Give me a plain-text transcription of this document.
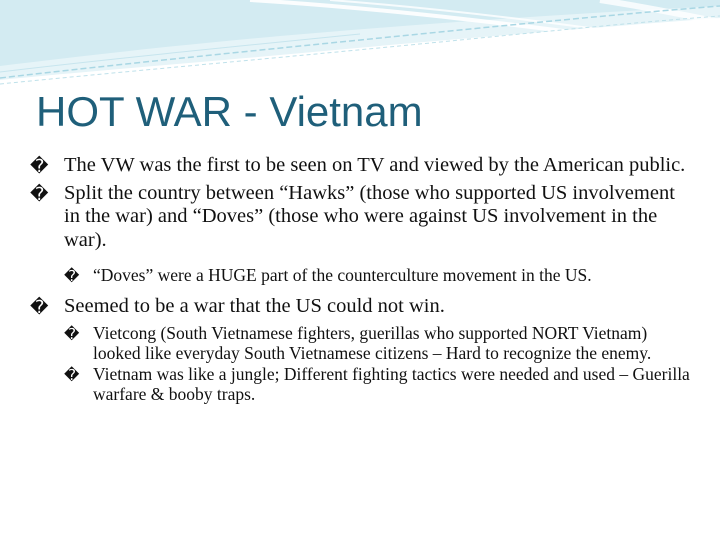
HOT WAR - Vietnam
� The VW was the first to be seen on TV and viewed by the American public.
� Split the country between “Hawks” (those who supported US involvement in the war) and “Doves” (those who were against US involvement in the war).
� “Doves” were a HUGE part of the counterculture movement in the US.
� Seemed to be a war that the US could not win.
� Vietcong (South Vietnamese fighters, guerillas who supported NORT Vietnam) looked like everyday South Vietnamese citizens – Hard to recognize the enemy.
� Vietnam was like a jungle; Different fighting tactics were needed and used – Guerilla warfare & booby traps.
